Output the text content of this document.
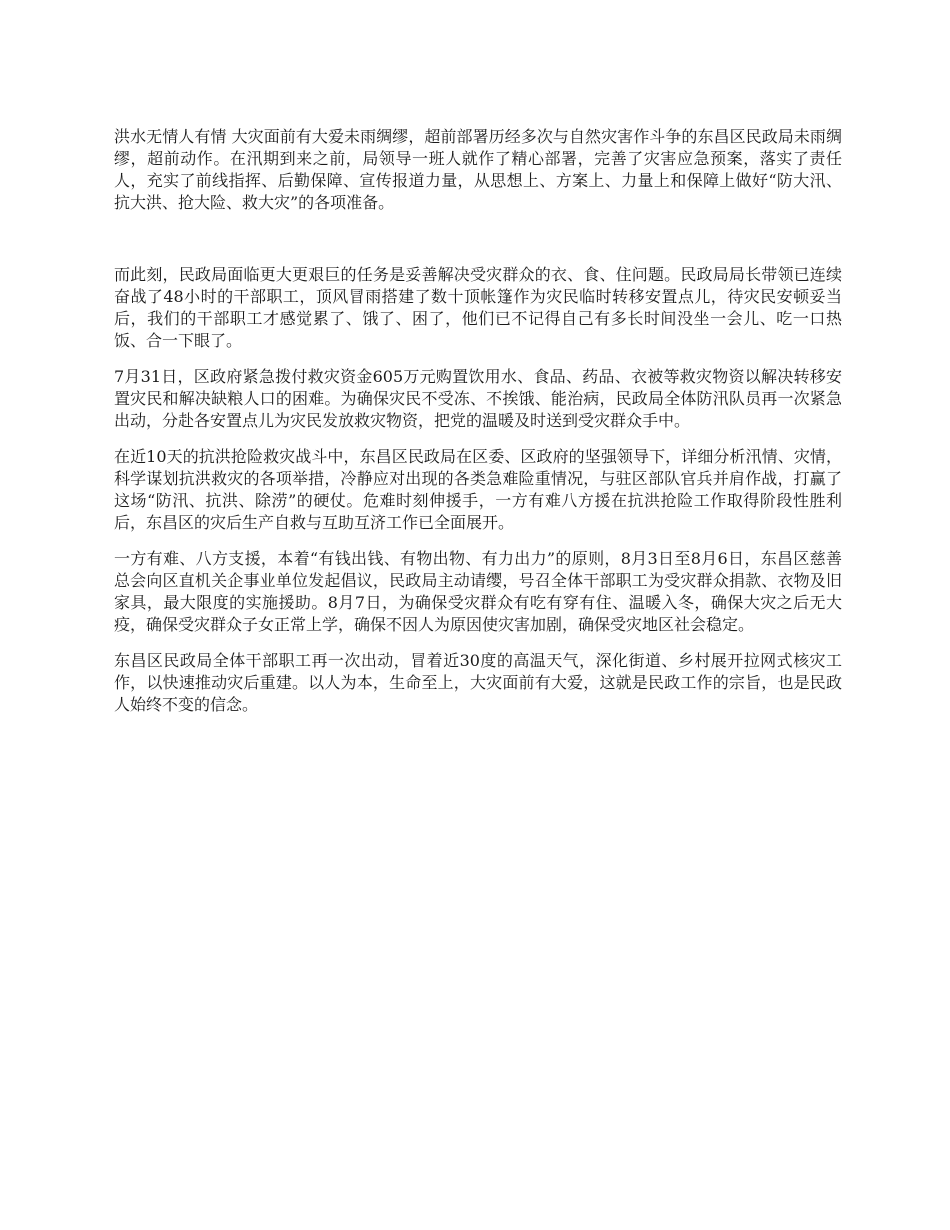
洪水无情人有情 大灾面前有大爱未雨绸缪，超前部署历经多次与自然灾害作斗争的东昌区民政局未雨绸缪，超前动作。在汛期到来之前，局领导一班人就作了精心部署，完善了灾害应急预案，落实了责任人，充实了前线指挥、后勤保障、宣传报道力量，从思想上、方案上、力量上和保障上做好“防大汛、抗大洪、抢大险、救大灾”的各项准备。

而此刻，民政局面临更大更艰巨的任务是妥善解决受灾群众的衣、食、住问题。民政局局长带领已连续奋战了48小时的干部职工，顶风冒雨搭建了数十顶帐篷作为灾民临时转移安置点儿，待灾民安顿妥当后，我们的干部职工才感觉累了、饿了、困了，他们已不记得自己有多长时间没坐一会儿、吃一口热饭、合一下眼了。

7月31日，区政府紧急拨付救灾资金605万元购置饮用水、食品、药品、衣被等救灾物资以解决转移安置灾民和解决缺粮人口的困难。为确保灾民不受冻、不挨饿、能治病，民政局全体防汛队员再一次紧急出动，分赴各安置点儿为灾民发放救灾物资，把党的温暖及时送到受灾群众手中。

在近10天的抗洪抢险救灾战斗中，东昌区民政局在区委、区政府的坚强领导下，详细分析汛情、灾情，科学谋划抗洪救灾的各项举措，冷静应对出现的各类急难险重情况，与驻区部队官兵并肩作战，打赢了这场“防汛、抗洪、除涝”的硬仗。危难时刻伸援手，一方有难八方援在抗洪抢险工作取得阶段性胜利后，东昌区的灾后生产自救与互助互济工作已全面展开。

一方有难、八方支援，本着“有钱出钱、有物出物、有力出力”的原则，8月3日至8月6日，东昌区慈善总会向区直机关企事业单位发起倡议，民政局主动请缨，号召全体干部职工为受灾群众捐款、衣物及旧家具，最大限度的实施援助。8月7日，为确保受灾群众有吃有穿有住、温暖入冬，确保大灾之后无大疫，确保受灾群众子女正常上学，确保不因人为原因使灾害加剧，确保受灾地区社会稳定。

东昌区民政局全体干部职工再一次出动，冒着近30度的高温天气，深化街道、乡村展开拉网式核灾工作，以快速推动灾后重建。以人为本，生命至上，大灾面前有大爱，这就是民政工作的宗旨，也是民政人始终不变的信念。
